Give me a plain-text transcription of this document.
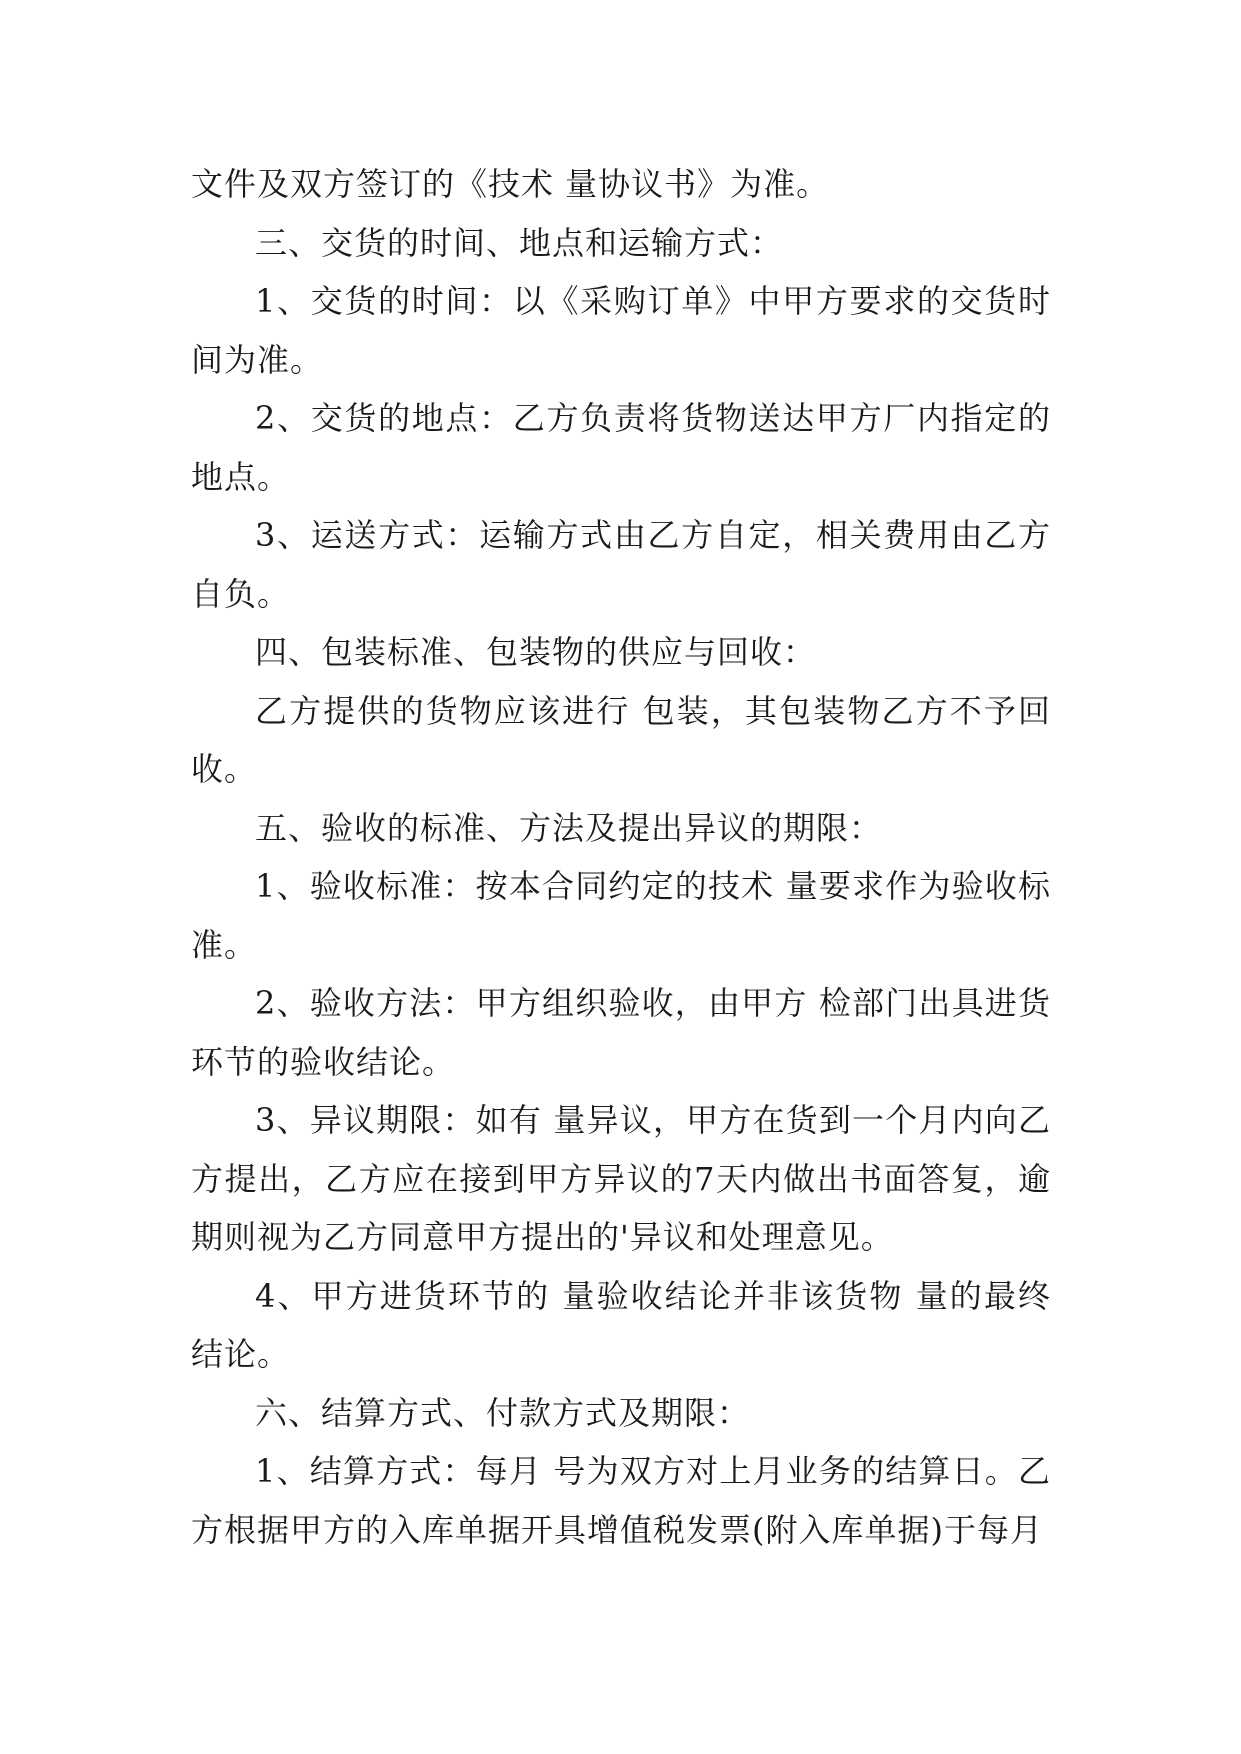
文件及双方签订的《技术 量协议书》为准。

三、交货的时间、地点和运输方式：

1、交货的时间：以《采购订单》中甲方要求的交货时间为准。

2、交货的地点：乙方负责将货物送达甲方厂内指定的地点。

3、运送方式：运输方式由乙方自定，相关费用由乙方自负。

四、包装标准、包装物的供应与回收：

乙方提供的货物应该进行 包装，其包装物乙方不予回收。

五、验收的标准、方法及提出异议的期限：

1、验收标准：按本合同约定的技术 量要求作为验收标准。

2、验收方法：甲方组织验收，由甲方 检部门出具进货环节的验收结论。

3、异议期限：如有 量异议，甲方在货到一个月内向乙方提出，乙方应在接到甲方异议的7天内做出书面答复，逾期则视为乙方同意甲方提出的'异议和处理意见。

4、甲方进货环节的 量验收结论并非该货物 量的最终结论。

六、结算方式、付款方式及期限：

1、结算方式：每月 号为双方对上月业务的结算日。乙方根据甲方的入库单据开具增值税发票(附入库单据)于每月
